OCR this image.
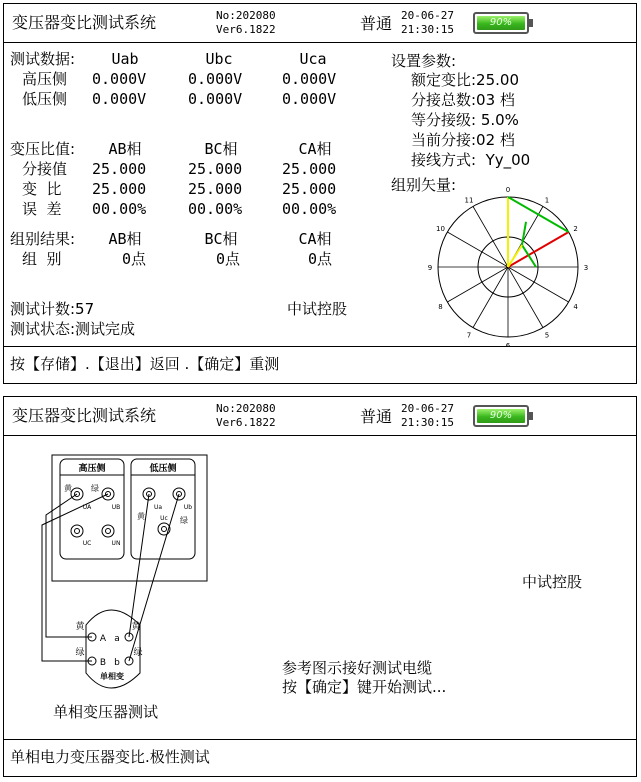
变压器变比测试系统	No:202080
Ver6.1822	普通 20-06-27
21:30:15
90%
测试数据:	Uab	Ubc	Uca
高压侧 0.000V	0.000V	0.000V
低压侧 0.000V	0.000V	0.000V
变压比值:	AB相	BC相	CA相
分接值 25.000	25.000	25.000
变  比 25.000	25.000	25.000
误  差 00.00%	00.00%	00.00%
组别结果:	AB相	BC相	CA相
组  别	0点	0点	0点
测试计数:57
测试状态:测试完成
中试控股
设置参数:
额定变比:25.00
分接总数:03 档
等分接级: 5.0%
当前分接:02 档
接线方式:  Yy_00
组别矢量:	0
1
2
3
4
5
6
7
8
9
10
11
按【存储】.【退出】返回 .【确定】重测
变压器变比测试系统	No:202080
Ver6.1822	普通 20-06-27
21:30:15
90%
高压侧
黄 绿
UA	UB
UC	UN
低压侧
Ua	Ub
Uc
黄	绿
黄	黄
绿	绿
A a
B b
单相变
单相变压器测试
中试控股
参考图示接好测试电缆
按【确定】键开始测试...
单相电力变压器变比.极性测试
